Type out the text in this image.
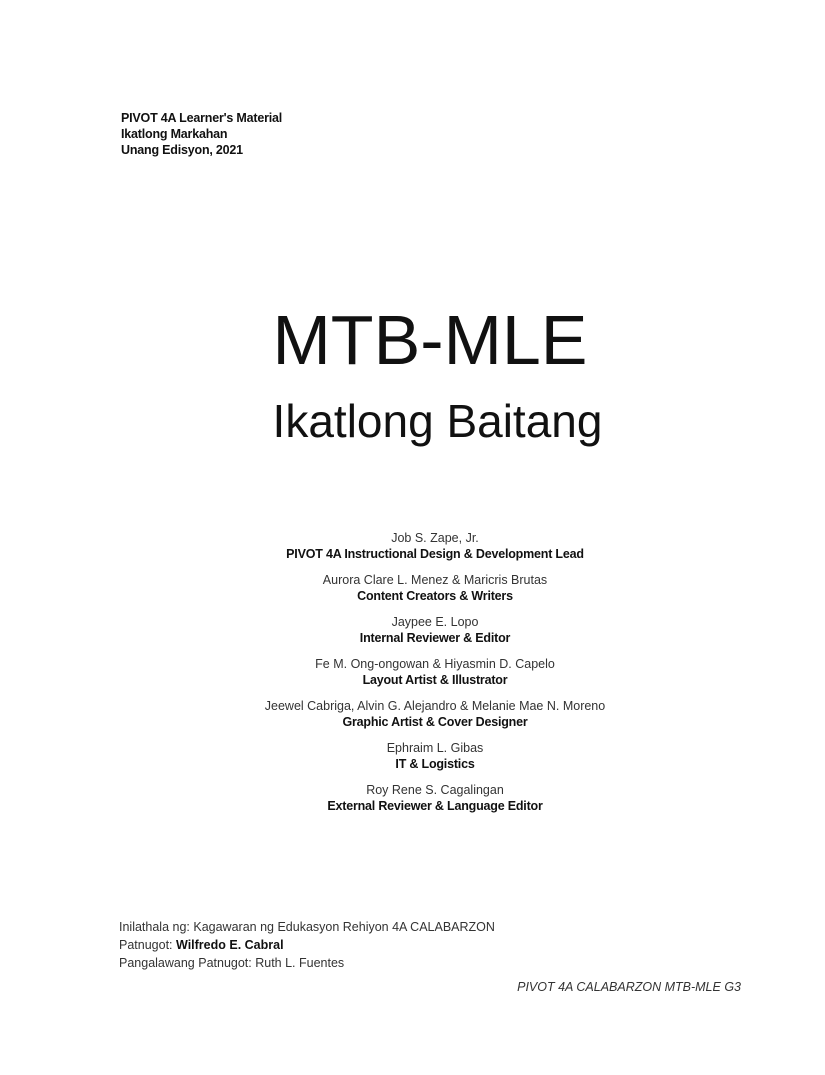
PIVOT 4A Learner's Material
Ikatlong Markahan
Unang Edisyon, 2021
MTB-MLE
Ikatlong Baitang
Job S. Zape, Jr.
PIVOT 4A Instructional Design & Development Lead
Aurora Clare L. Menez & Maricris Brutas
Content Creators & Writers
Jaypee E. Lopo
Internal Reviewer & Editor
Fe M. Ong-ongowan & Hiyasmin D. Capelo
Layout Artist & Illustrator
Jeewel Cabriga, Alvin G. Alejandro & Melanie Mae N. Moreno
Graphic Artist & Cover Designer
Ephraim L. Gibas
IT & Logistics
Roy Rene S. Cagalingan
External Reviewer & Language Editor
Inilathala ng: Kagawaran ng Edukasyon Rehiyon 4A CALABARZON
Patnugot: Wilfredo E. Cabral
Pangalawang Patnugot: Ruth L. Fuentes
PIVOT 4A CALABARZON MTB-MLE G3
